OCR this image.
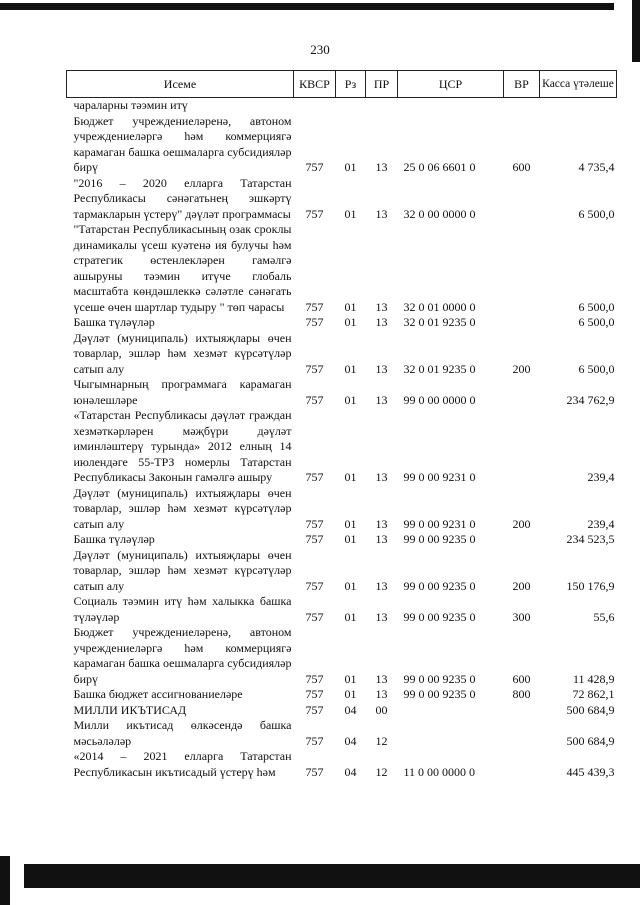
230
Исеме	КВСР	Рз	ПР	ЦСР	ВР	Касса үтәлеше
чараларны тәэмин итү						
Бюджет учреждениеләренә, автоном учреждениеләргә һәм коммерциягә карамаган башка оешмаларга субсидияләр бирү	757	01	13	25 0 06 6601 0	600	4 735,4
"2016 – 2020 елларга Татарстан Республикасы сәнәгатьнең эшкәртү тармакларын үстерү" дәүләт программасы	757	01	13	32 0 00 0000 0		6 500,0
"Татарстан Республикасының озак сроклы динамикалы үсеш куәтенә ия булучы һәм стратегик өстенлекләрен гамәлгә ашыруны тәэмин итүче глобаль масштабта көндәшлеккә сәләтле сәнәгать үсеше өчен шартлар тудыру " төп чарасы	757	01	13	32 0 01 0000 0		6 500,0
Башка түләүләр	757	01	13	32 0 01 9235 0		6 500,0
Дәүләт (муниципаль) ихтыяҗлары өчен товарлар, эшләр һәм хезмәт күрсәтүләр сатып алу	757	01	13	32 0 01 9235 0	200	6 500,0
Чыгымнарның программага карамаган юнәлешләре	757	01	13	99 0 00 0000 0		234 762,9
«Татарстан Республикасы дәүләт граждан хезмәткәрләрен мәҗбүри дәүләт иминләштерү турында» 2012 елның 14 июлендәге 55-ТРЗ номерлы Татарстан Республикасы Законын гамәлгә ашыру	757	01	13	99 0 00 9231 0		239,4
Дәүләт (муниципаль) ихтыяҗлары өчен товарлар, эшләр һәм хезмәт күрсәтүләр сатып алу	757	01	13	99 0 00 9231 0	200	239,4
Башка түләүләр	757	01	13	99 0 00 9235 0		234 523,5
Дәүләт (муниципаль) ихтыяҗлары өчен товарлар, эшләр һәм хезмәт күрсәтүләр сатып алу	757	01	13	99 0 00 9235 0	200	150 176,9
Социаль тәэмин итү һәм халыкка башка түләүләр	757	01	13	99 0 00 9235 0	300	55,6
Бюджет учреждениеләренә, автоном учреждениеләргә һәм коммерциягә карамаган башка оешмаларга субсидияләр бирү	757	01	13	99 0 00 9235 0	600	11 428,9
Башка бюджет ассигнованиеләре	757	01	13	99 0 00 9235 0	800	72 862,1
МИЛЛИ ИКЪТИСАД	757	04	00			500 684,9
Милли икътисад өлкәсендә башка мәсьәләләр	757	04	12			500 684,9
«2014 – 2021 елларга Татарстан Республикасын икътисадый үстерү һәм	757	04	12	11 0 00 0000 0		445 439,3
